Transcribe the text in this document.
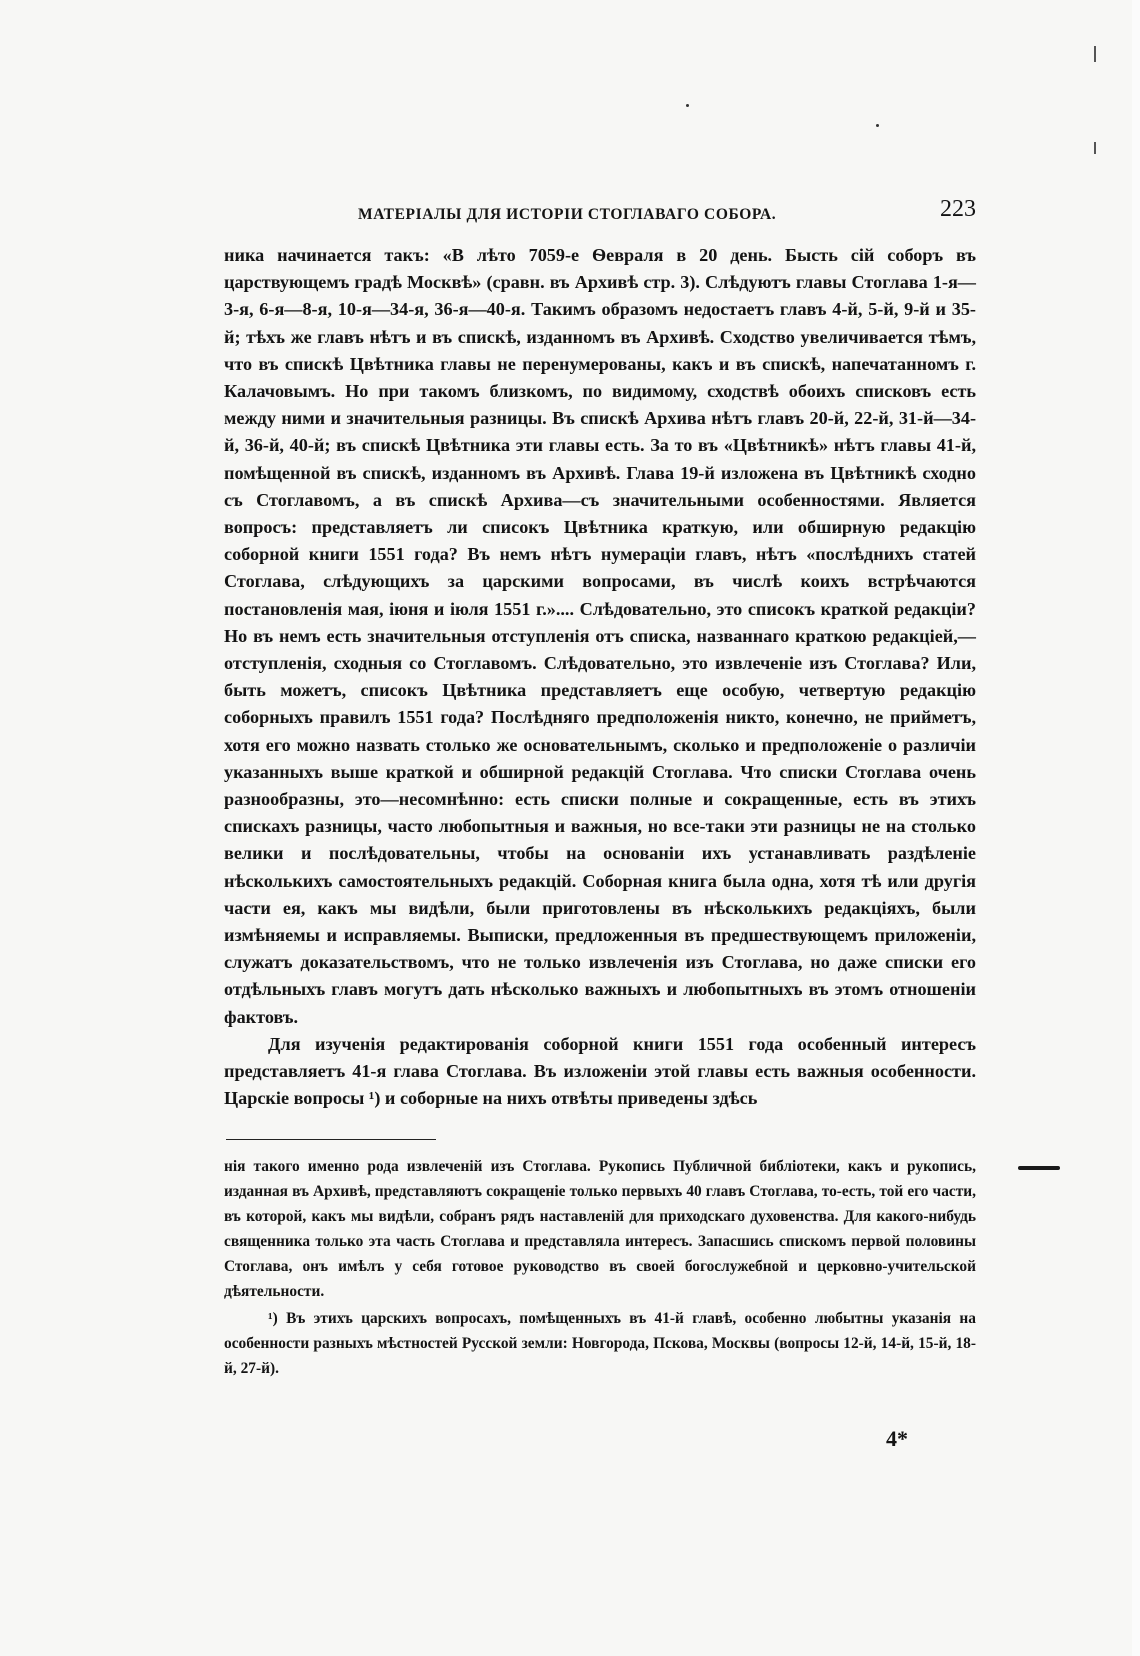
МАТЕРІАЛЫ ДЛЯ ИСТОРІИ СТОГЛАВАГО СОБОРА.	223

ника начинается такъ: «В лѣто 7059-е Ѳевраля в 20 день. Бысть сiй соборъ въ царствующемъ градѣ Москвѣ» (сравн. въ Архивѣ стр. 3). Слѣдуютъ главы Стоглава 1-я—3-я, 6-я—8-я, 10-я—34-я, 36-я—40-я. Такимъ образомъ недостаетъ главъ 4-й, 5-й, 9-й и 35-й; тѣхъ же главъ нѣтъ и въ спискѣ, изданномъ въ Архивѣ. Сходство увеличивается тѣмъ, что въ спискѣ Цвѣтника главы не перенумерованы, какъ и въ спискѣ, напечатанномъ г. Калачовымъ. Но при такомъ близкомъ, по видимому, сходствѣ обоихъ списковъ есть между ними и значительныя разницы. Въ спискѣ Архива нѣтъ главъ 20-й, 22-й, 31-й—34-й, 36-й, 40-й; въ спискѣ Цвѣтника эти главы есть. За то въ «Цвѣтникѣ» нѣтъ главы 41-й, помѣщенной въ спискѣ, изданномъ въ Архивѣ. Глава 19-й изложена въ Цвѣтникѣ сходно съ Стоглавомъ, а въ спискѣ Архива—съ значительными особенностями. Является вопросъ: представляетъ ли списокъ Цвѣтника краткую, или обширную редакцію соборной книги 1551 года? Въ немъ нѣтъ нумераціи главъ, нѣтъ «послѣднихъ статей Стоглава, слѣдующихъ за царскими вопросами, въ числѣ коихъ встрѣчаются постановленія мая, іюня и іюля 1551 г.».... Слѣдовательно, это списокъ краткой редакціи? Но въ немъ есть значительныя отступленія отъ списка, названнаго краткою редакціей,—отступленія, сходныя со Стоглавомъ. Слѣдовательно, это извлеченіе изъ Стоглава? Или, быть можетъ, списокъ Цвѣтника представляетъ еще особую, четвертую редакцію соборныхъ правилъ 1551 года? Послѣдняго предположенія никто, конечно, не приймeтъ, хотя его можно назвать столько же основательнымъ, сколько и предположеніе о различіи указанныхъ выше краткой и обширной редакцій Стоглава. Что списки Стоглава очень разнообразны, это—несомнѣнно: есть списки полные и сокращенные, есть въ этихъ спискахъ разницы, часто любопытныя и важныя, но все-таки эти разницы не на столько велики и послѣдовательны, чтобы на основаніи ихъ устанавливать раздѣленіе нѣсколькихъ самостоятельныхъ редакцій. Соборная книга была одна, хотя тѣ или другія части ея, какъ мы видѣли, были приготовлены въ нѣсколькихъ редакціяхъ, были измѣняемы и исправляемы. Выписки, предложенныя въ предшествующемъ приложеніи, служатъ доказательствомъ, что не только извлеченія изъ Стоглава, но даже списки его отдѣльныхъ главъ могутъ дать нѣсколько важныхъ и любопытныхъ въ этомъ отношеніи фактовъ.

Для изученія редактированія соборной книги 1551 года особенный интересъ представляетъ 41-я глава Стоглава. Въ изложеніи этой главы есть важныя особенности. Царскіе вопросы ¹) и соборные на нихъ отвѣты приведены здѣсь

нія такого именно рода извлеченій изъ Стоглава. Рукопись Публичной библіотеки, какъ и рукопись, изданная въ Архивѣ, представляютъ сокращеніе только первыхъ 40 главъ Стоглава, то-есть, той его части, въ которой, какъ мы видѣли, собранъ рядъ наставленій для приходскаго духовенства. Для какого-нибудь священника только эта часть Стоглава и представляла интересъ. Запасшись спискомъ первой половины Стоглава, онъ имѣлъ у себя готовое руководство въ своей богослужебной и церковно-учительской дѣятельности.

¹) Въ этихъ царскихъ вопросахъ, помѣщенныхъ въ 41-й главѣ, особенно любытны указанія на особенности разныхъ мѣстностей Русской земли: Новгорода, Пскова, Москвы (вопросы 12-й, 14-й, 15-й, 18-й, 27-й).

4*
